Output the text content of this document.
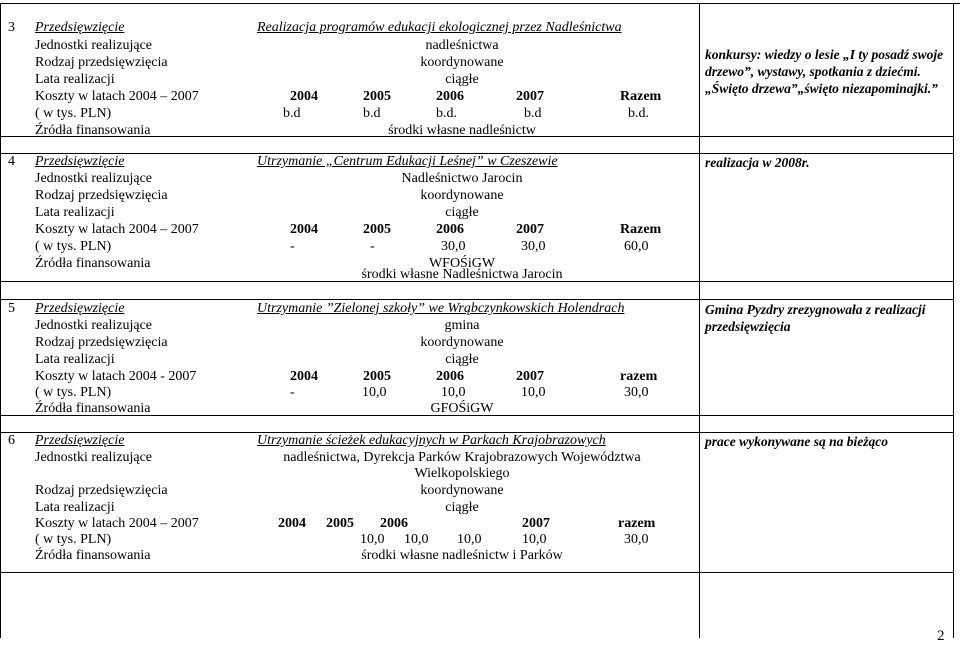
3 Przedsięwzięcie	Realizacja programów edukacji ekologicznej przez Nadleśnictwa
Jednostki realizujące	nadleśnictwa
Rodzaj przedsięwzięcia	koordynowane
Lata realizacji	ciągłe
Koszty w latach 2004 – 2007	2004	2005	2006	2007	Razem
( w tys. PLN)	b.d	b.d	b.d.	b.d	b.d.
Źródła finansowania	środki własne nadleśnictw
konkursy: wiedzy o lesie „I ty posadź swoje
drzewo”, wystawy, spotkania z dziećmi.
„Święto drzewa”„święto niezapominajki.”
4 Przedsięwzięcie	Utrzymanie „Centrum Edukacji Leśnej” w Czeszewie
Jednostki realizujące	Nadleśnictwo Jarocin
Rodzaj przedsięwzięcia	koordynowane
Lata realizacji	ciągłe
Koszty w latach 2004 – 2007	2004	2005	2006	2007	Razem
( w tys. PLN)	-	-	30,0	30,0	60,0
Źródła finansowania	WFOŚiGW
środki własne Nadleśnictwa Jarocin
realizacja w 2008r.
5 Przedsięwzięcie	Utrzymanie ”Zielonej szkoły” we Wrąbczynkowskich Holendrach
Jednostki realizujące	gmina
Rodzaj przedsięwzięcia	koordynowane
Lata realizacji	ciągłe
Koszty w latach 2004 - 2007	2004	2005	2006	2007	razem
( w tys. PLN)	-	10,0	10,0	10,0	30,0
Źródła finansowania	GFOŚiGW
Gmina Pyzdry zrezygnowała z realizacji
przedsięwzięcia
6 Przedsięwzięcie	Utrzymanie ścieżek edukacyjnych w Parkach Krajobrazowych
Jednostki realizujące	nadleśnictwa, Dyrekcja Parków Krajobrazowych Województwa
Wielkopolskiego
Rodzaj przedsięwzięcia	koordynowane
Lata realizacji	ciągłe
Koszty w latach 2004 – 2007	2004 2005 2006	2007	razem
( w tys. PLN)	10,0 10,0 10,0	10,0	30,0
Źródła finansowania	środki własne nadleśnictw i Parków
prace wykonywane są na bieżąco
2
